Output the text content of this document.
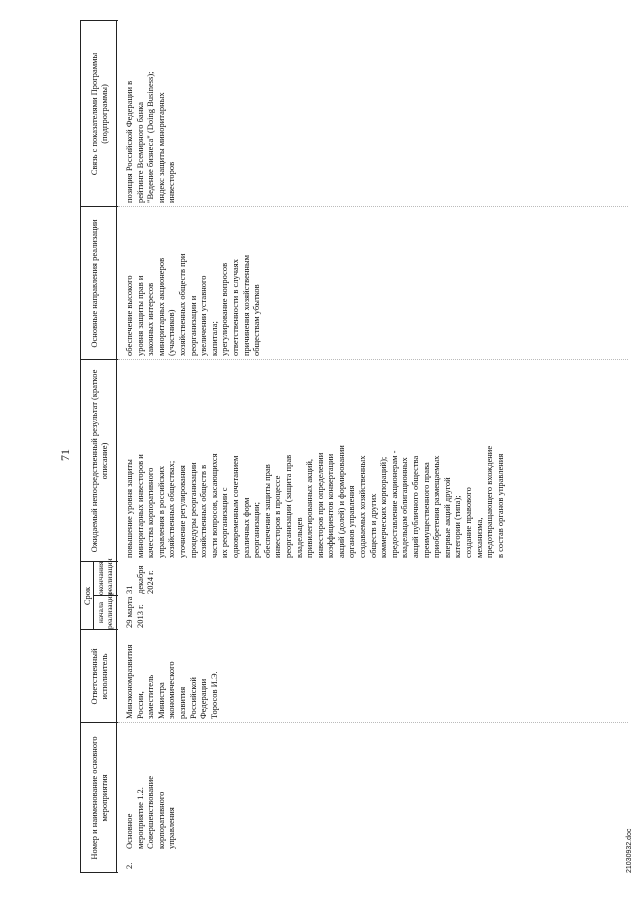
71
Номер и наименование основного мероприятия
Ответственный исполнитель
Срок
начала реализации
окончания реализации
Ожидаемый непосредственный результат (краткое описание)
Основные направления реализации
Связь с показателями Программы (подпрограммы)
2.
Основное
мероприятие 1.2.
Совершенствование
корпоративного
управления
Минэкономразвития
России,
заместитель
Министра
экономического
развития
Российской
Федерации
Торосов И.Э.
29 марта
2013 г.
31 декабря
2024 г.
повышение уровня защиты
миноритарных инвесторов и
качества корпоративного
управления в российских
хозяйственных обществах;
уточнение регулирования
процедуры реорганизации
хозяйственных обществ в
части вопросов, касающихся
их реорганизации с
одновременным сочетанием
различных форм
реорганизации;
обеспечение защиты прав
инвесторов в процессе
реорганизации (защита прав
владельцев
привилегированных акций,
инвесторов при определении
коэффициентов конвертации
акций (долей) и формировании
органов управления
создаваемых хозяйственных
обществ и других
коммерческих корпораций);
предоставление акционерам -
владельцам облигационных
акций публичного общества
преимущественного права
приобретения размещаемых
впервые акций другой
категории (типа);
создание правового
механизма,
предотвращающего вхождение
в состав органов управления
обеспечение высокого
уровня защиты прав и
законных интересов
миноритарных акционеров
(участников)
хозяйственных обществ при
реорганизации и
увеличении уставного
капитала;
урегулирование вопросов
ответственности в случаях
причинения хозяйственным
обществам убытков
позиция Российской Федерации в
рейтинге Всемирного банка
"Ведение бизнеса" (Doing Business);
индекс защиты миноритарных
инвесторов
21030932.doc
